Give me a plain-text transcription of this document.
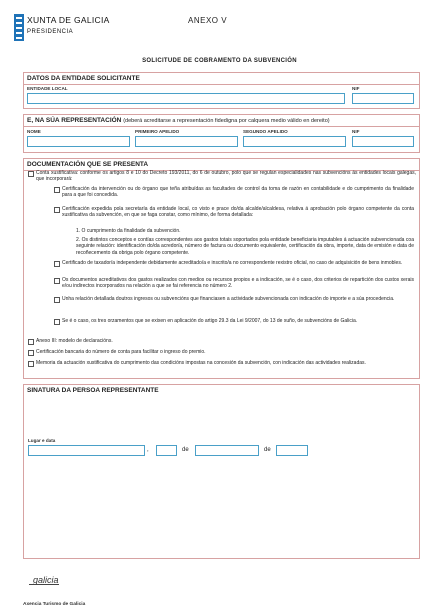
XUNTA DE GALICIA
PRESIDENCIA
ANEXO V
SOLICITUDE DE COBRAMENTO DA SUBVENCIÓN
DATOS DA ENTIDADE SOLICITANTE
ENTIDADE LOCAL	NIF
E, NA SÚA REPRESENTACIÓN (deberá acreditarse a representación fidedigna por calquera medio válido en dereito)
NOME	PRIMEIRO APELIDO	SEGUNDO APELIDO	NIF
DOCUMENTACIÓN QUE SE PRESENTA
Conta xustificativa: conforme os artigos 8 e 10 do Decreto 193/2011, do 6 de outubro, polo que se regulan especialidades nas subvencións ás entidades locais galegas, que incorporará:
Certificación da intervención ou do órgano que teña atribuídas as facultades de control da toma de razón en contabilidade e do cumprimento da finalidade para a que foi concedida.
Certificación expedida pola secretaría da entidade local, co visto e prace do/da alcalde/alcaldesa, relativa á aprobación polo órgano competente da conta xustificativa da subvención, en que se faga constar, como mínimo, de forma detallada:
1. O cumprimento da finalidade da subvención.
2. Os distintos conceptos e contías correspondentes aos gastos totais soportados pola entidade beneficiaria imputables á actuación subvencionada coa seguinte relación: identificación do/da acredor/a, número de factura ou documento equivalente, certificación da obra, importe, data de emisión e data de recoñecemento da obriga polo órgano competente.
Certificado de taxador/a independente debidamente acreditado/a e inscrito/a no correspondente rexistro oficial, no caso de adquisición de bens inmobles.
Os documentos acreditativos dos gastos realizados con medios ou recursos propios e a indicación, se é o caso, dos criterios de repartición dos custos xerais e/ou indirectos incorporados na relación a que se fai referencia no número 2.
Unha relación detallada doutros ingresos ou subvencións que financiasen a actividade subvencionada con indicación do importe e a súa procedencia.
Se é o caso, os tres orzamentos que se exixen en aplicación do artigo 29.3 da Lei 9/2007, do 13 de xuño, de subvencións de Galicia.
Anexo III: modelo de declaracións.
Certificación bancaria do número de conta para facilitar o ingreso do premio.
Memoria da actuación xustificativa do cumprimento das condicións impostas na concesión da subvención, con indicación das actividades realizadas.
SINATURA DA PERSOA REPRESENTANTE
Lugar e data
,	de	de
galicia
Axencia Turismo de Galicia
